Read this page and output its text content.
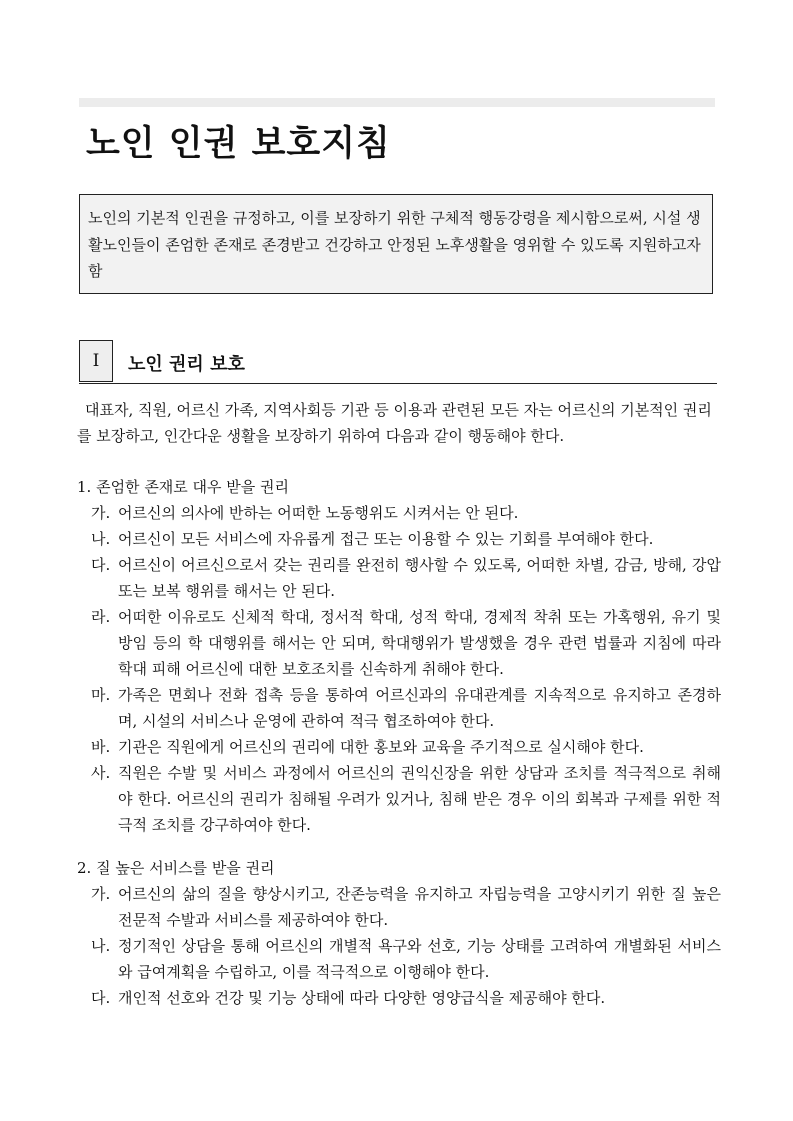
노인 인권 보호지침
노인의 기본적 인권을 규정하고, 이를 보장하기 위한 구체적 행동강령을 제시함으로써, 시설 생활노인들이 존엄한 존재로 존경받고 건강하고 안정된 노후생활을 영위할 수 있도록 지원하고자 함
Ⅰ	노인 권리 보호
대표자, 직원, 어르신 가족, 지역사회등 기관 등 이용과 관련된 모든 자는 어르신의 기본적인 권리를 보장하고, 인간다운 생활을 보장하기 위하여 다음과 같이 행동해야 한다.
1. 존엄한 존재로 대우 받을 권리
가. 어르신의 의사에 반하는 어떠한 노동행위도 시켜서는 안 된다.
나. 어르신이 모든 서비스에 자유롭게 접근 또는 이용할 수 있는 기회를 부여해야 한다.
다. 어르신이 어르신으로서 갖는 권리를 완전히 행사할 수 있도록, 어떠한 차별, 감금, 방해, 강압 또는 보복 행위를 해서는 안 된다.
라. 어떠한 이유로도 신체적 학대, 정서적 학대, 성적 학대, 경제적 착취 또는 가혹행위, 유기 및 방임 등의 학 대행위를 해서는 안 되며, 학대행위가 발생했을 경우 관련 법률과 지침에 따라 학대 피해 어르신에 대한 보호조치를 신속하게 취해야 한다.
마. 가족은 면회나 전화 접촉 등을 통하여 어르신과의 유대관계를 지속적으로 유지하고 존경하며, 시설의 서비스나 운영에 관하여 적극 협조하여야 한다.
바. 기관은 직원에게 어르신의 권리에 대한 홍보와 교육을 주기적으로 실시해야 한다.
사. 직원은 수발 및 서비스 과정에서 어르신의 권익신장을 위한 상담과 조치를 적극적으로 취해야 한다. 어르신의 권리가 침해될 우려가 있거나, 침해 받은 경우 이의 회복과 구제를 위한 적극적 조치를 강구하여야 한다.
2. 질 높은 서비스를 받을 권리
가. 어르신의 삶의 질을 향상시키고, 잔존능력을 유지하고 자립능력을 고양시키기 위한 질 높은 전문적 수발과 서비스를 제공하여야 한다.
나. 정기적인 상담을 통해 어르신의 개별적 욕구와 선호, 기능 상태를 고려하여 개별화된 서비스와 급여계획을 수립하고, 이를 적극적으로 이행해야 한다.
다. 개인적 선호와 건강 및 기능 상태에 따라 다양한 영양급식을 제공해야 한다.
